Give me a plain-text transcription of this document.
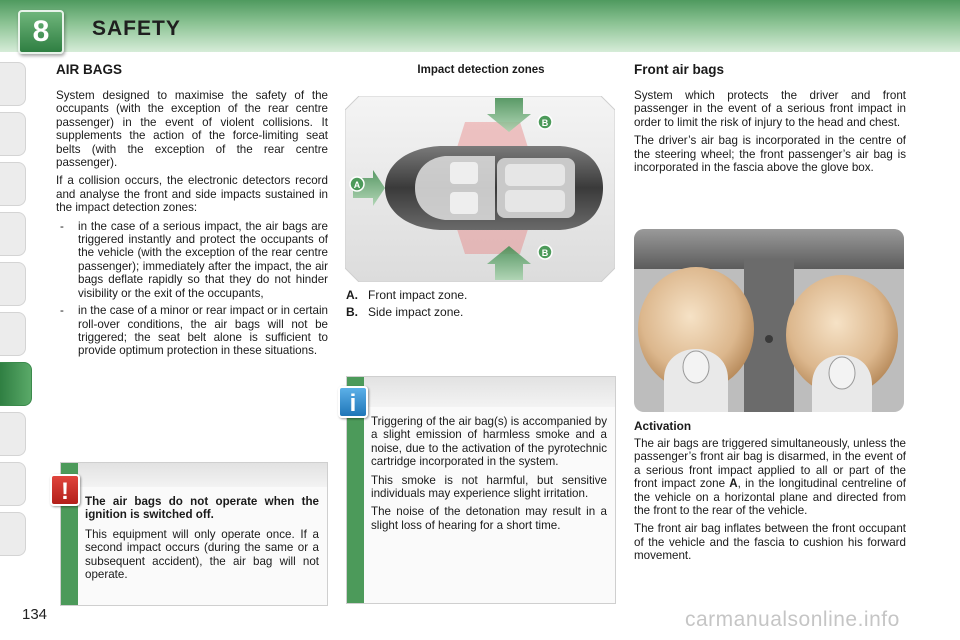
8	SAFETY
AIR BAGS

System designed to maximise the safety of the occupants (with the exception of the rear centre passenger) in the event of violent collisions. It supplements the action of the force-limiting seat belts (with the exception of the rear centre passenger).

If a collision occurs, the electronic detectors record and analyse the front and side impacts sustained in the impact detection zones:

- in the case of a serious impact, the air bags are triggered instantly and protect the occupants of the vehicle (with the exception of the rear centre passenger); immediately after the impact, the air bags deflate rapidly so that they do not hinder visibility or the exit of the occupants,
- in the case of a minor or rear impact or in certain roll-over conditions, the air bags will not be triggered; the seat belt alone is sufficient to provide optimum protection in these situations.

The air bags do not operate when the ignition is switched off.

This equipment will only operate once. If a second impact occurs (during the same or a subsequent accident), the air bag will not operate.

!
Impact detection zones
A
B
B
A. Front impact zone.
B. Side impact zone.

Triggering of the air bag(s) is accompanied by a slight emission of harmless smoke and a noise, due to the activation of the pyrotechnic cartridge incorporated in the system.

This smoke is not harmful, but sensitive individuals may experience slight irritation.

The noise of the detonation may result in a slight loss of hearing for a short time.

i
Front air bags

System which protects the driver and front passenger in the event of a serious front impact in order to limit the risk of injury to the head and chest.

The driver’s air bag is incorporated in the centre of the steering wheel; the front passenger’s air bag is incorporated in the fascia above the glove box.

Activation

The air bags are triggered simultaneously, unless the passenger’s front air bag is disarmed, in the event of a serious front impact applied to all or part of the front impact zone A, in the longitudinal centreline of the vehicle on a horizontal plane and directed from the front to the rear of the vehicle.

The front air bag inflates between the front occupant of the vehicle and the fascia to cushion his forward movement.

134	carmanualsonline.info
